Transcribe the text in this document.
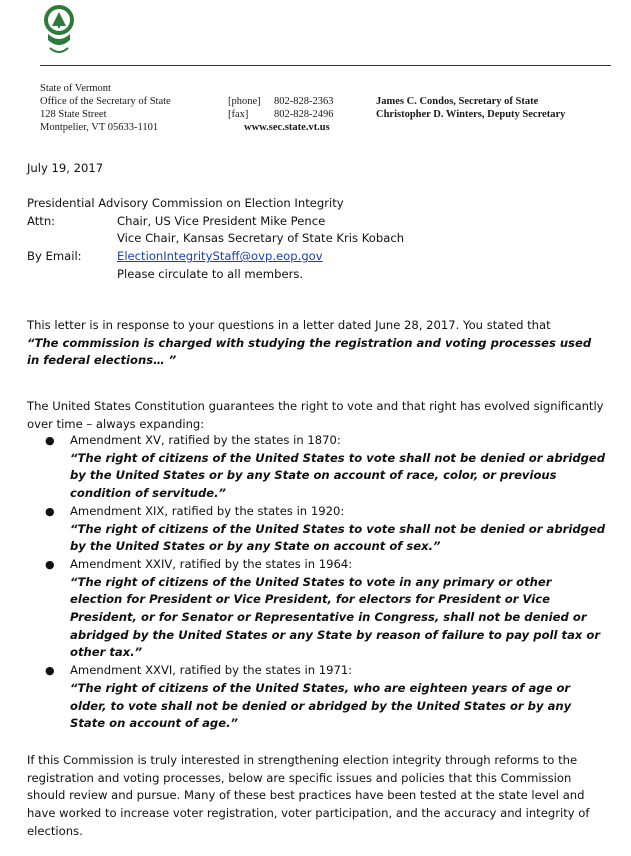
State of Vermont
Office of the Secretary of State
128 State Street
Montpelier, VT 05633-1101
[phone] 802-828-2363
[fax] 802-828-2496
www.sec.state.vt.us
James C. Condos, Secretary of State
Christopher D. Winters, Deputy Secretary

July 19, 2017

Presidential Advisory Commission on Election Integrity
Attn:	Chair, US Vice President Mike Pence
Vice Chair, Kansas Secretary of State Kris Kobach
By Email:	ElectionIntegrityStaff@ovp.eop.gov
Please circulate to all members.
This letter is in response to your questions in a letter dated June 28, 2017. You stated that
“The commission is charged with studying the registration and voting processes used in federal elections… ”

The United States Constitution guarantees the right to vote and that right has evolved significantly over time – always expanding:

● Amendment XV, ratified by the states in 1870:
“The right of citizens of the United States to vote shall not be denied or abridged by the United States or by any State on account of race, color, or previous condition of servitude.”
● Amendment XIX, ratified by the states in 1920:
“The right of citizens of the United States to vote shall not be denied or abridged by the United States or by any State on account of sex.”
● Amendment XXIV, ratified by the states in 1964:
“The right of citizens of the United States to vote in any primary or other election for President or Vice President, for electors for President or Vice President, or for Senator or Representative in Congress, shall not be denied or abridged by the United States or any State by reason of failure to pay poll tax or other tax.”
● Amendment XXVI, ratified by the states in 1971:
“The right of citizens of the United States, who are eighteen years of age or older, to vote shall not be denied or abridged by the United States or by any State on account of age.”

If this Commission is truly interested in strengthening election integrity through reforms to the registration and voting processes, below are specific issues and policies that this Commission should review and pursue. Many of these best practices have been tested at the state level and have worked to increase voter registration, voter participation, and the accuracy and integrity of elections.
